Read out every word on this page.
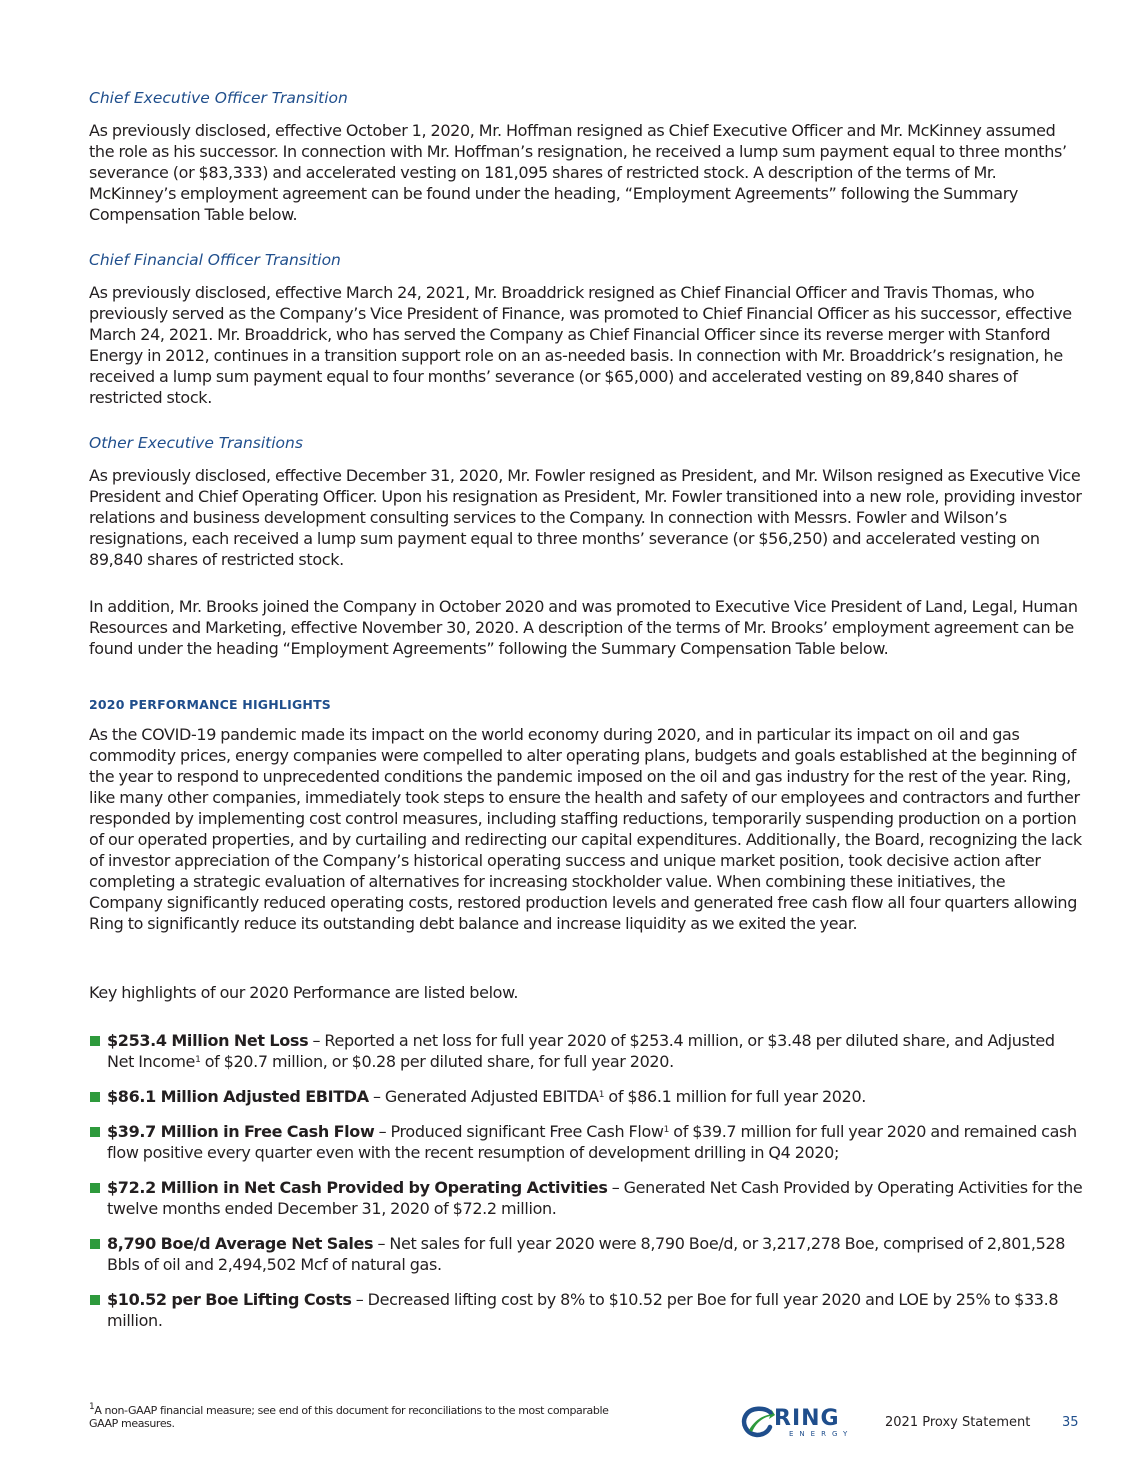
Chief Executive Officer Transition

As previously disclosed, effective October 1, 2020, Mr. Hoffman resigned as Chief Executive Officer and Mr. McKinney assumed the role as his successor. In connection with Mr. Hoffman’s resignation, he received a lump sum payment equal to three months’ severance (or $83,333) and accelerated vesting on 181,095 shares of restricted stock. A description of the terms of Mr. McKinney’s employment agreement can be found under the heading, “Employment Agreements” following the Summary Compensation Table below.

Chief Financial Officer Transition

As previously disclosed, effective March 24, 2021, Mr. Broaddrick resigned as Chief Financial Officer and Travis Thomas, who previously served as the Company’s Vice President of Finance, was promoted to Chief Financial Officer as his successor, effective March 24, 2021. Mr. Broaddrick, who has served the Company as Chief Financial Officer since its reverse merger with Stanford Energy in 2012, continues in a transition support role on an as-needed basis. In connection with Mr. Broaddrick’s resignation, he received a lump sum payment equal to four months’ severance (or $65,000) and accelerated vesting on 89,840 shares of restricted stock.

Other Executive Transitions

As previously disclosed, effective December 31, 2020, Mr. Fowler resigned as President, and Mr. Wilson resigned as Executive Vice President and Chief Operating Officer. Upon his resignation as President, Mr. Fowler transitioned into a new role, providing investor relations and business development consulting services to the Company. In connection with Messrs. Fowler and Wilson’s resignations, each received a lump sum payment equal to three months’ severance (or $56,250) and accelerated vesting on 89,840 shares of restricted stock.

In addition, Mr. Brooks joined the Company in October 2020 and was promoted to Executive Vice President of Land, Legal, Human Resources and Marketing, effective November 30, 2020. A description of the terms of Mr. Brooks’ employment agreement can be found under the heading “Employment Agreements” following the Summary Compensation Table below.

2020 PERFORMANCE HIGHLIGHTS

As the COVID-19 pandemic made its impact on the world economy during 2020, and in particular its impact on oil and gas commodity prices, energy companies were compelled to alter operating plans, budgets and goals established at the beginning of the year to respond to unprecedented conditions the pandemic imposed on the oil and gas industry for the rest of the year. Ring, like many other companies, immediately took steps to ensure the health and safety of our employees and contractors and further responded by implementing cost control measures, including staffing reductions, temporarily suspending production on a portion of our operated properties, and by curtailing and redirecting our capital expenditures. Additionally, the Board, recognizing the lack of investor appreciation of the Company’s historical operating success and unique market position, took decisive action after completing a strategic evaluation of alternatives for increasing stockholder value. When combining these initiatives, the Company significantly reduced operating costs, restored production levels and generated free cash flow all four quarters allowing Ring to significantly reduce its outstanding debt balance and increase liquidity as we exited the year.

Key highlights of our 2020 Performance are listed below.

$253.4 Million Net Loss – Reported a net loss for full year 2020 of $253.4 million, or $3.48 per diluted share, and Adjusted Net Income$^1$ of $20.7 million, or $0.28 per diluted share, for full year 2020.
$86.1 Million Adjusted EBITDA – Generated Adjusted EBITDA$^1$ of $86.1 million for full year 2020.
$39.7 Million in Free Cash Flow – Produced significant Free Cash Flow$^1$ of $39.7 million for full year 2020 and remained cash flow positive every quarter even with the recent resumption of development drilling in Q4 2020;
$72.2 Million in Net Cash Provided by Operating Activities – Generated Net Cash Provided by Operating Activities for the twelve months ended December 31, 2020 of $72.2 million.
8,790 Boe/d Average Net Sales – Net sales for full year 2020 were 8,790 Boe/d, or 3,217,278 Boe, comprised of 2,801,528 Bbls of oil and 2,494,502 Mcf of natural gas.
$10.52 per Boe Lifting Costs – Decreased lifting cost by 8% to $10.52 per Boe for full year 2020 and LOE by 25% to $33.8 million.
$^1$A non-GAAP financial measure; see end of this document for reconciliations to the most comparable GAAP measures.	RING
ENERGY
2021 Proxy Statement 35
